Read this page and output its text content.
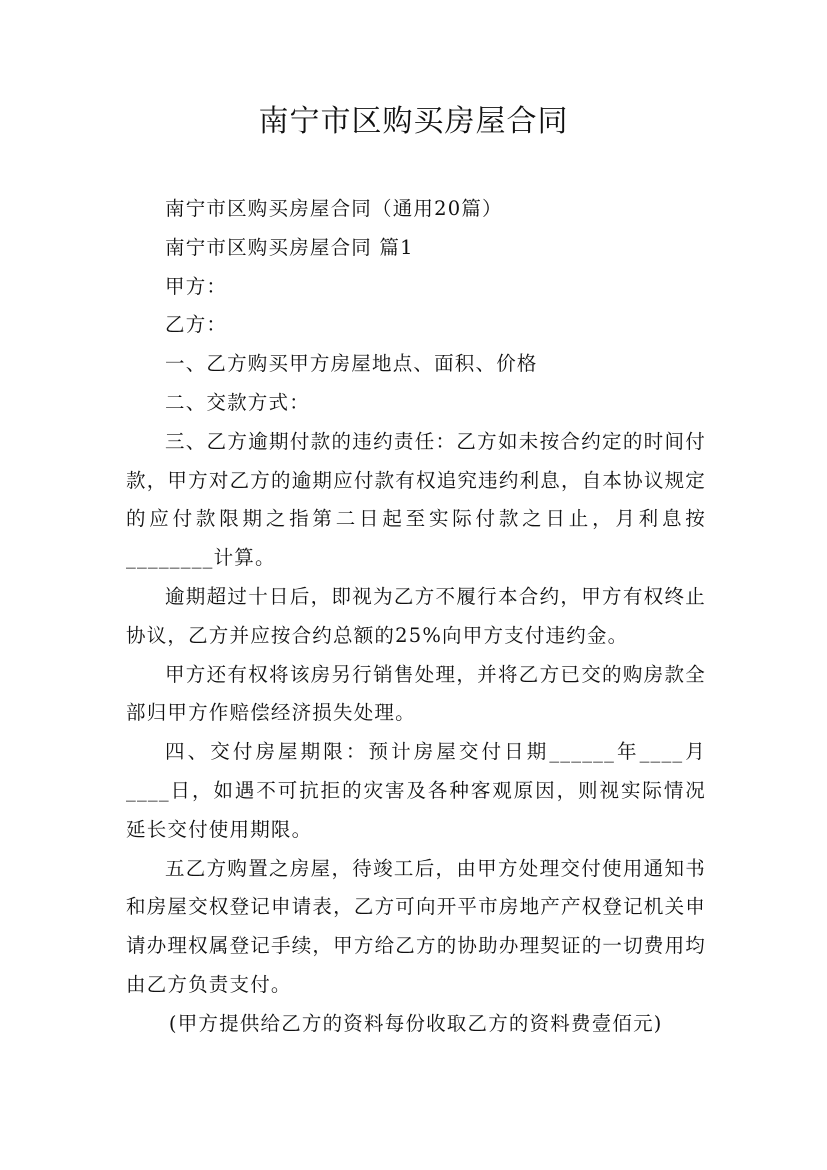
南宁市区购买房屋合同

南宁市区购买房屋合同（通用20篇）

南宁市区购买房屋合同 篇1

甲方：

乙方：

一、乙方购买甲方房屋地点、面积、价格

二、交款方式：

三、乙方逾期付款的违约责任：乙方如未按合约定的时间付款，甲方对乙方的逾期应付款有权追究违约利息，自本协议规定的应付款限期之指第二日起至实际付款之日止，月利息按________计算。

逾期超过十日后，即视为乙方不履行本合约，甲方有权终止协议，乙方并应按合约总额的25%向甲方支付违约金。

甲方还有权将该房另行销售处理，并将乙方已交的购房款全部归甲方作赔偿经济损失处理。

四、交付房屋期限：预计房屋交付日期______年____月____日，如遇不可抗拒的灾害及各种客观原因，则视实际情况延长交付使用期限。

五乙方购置之房屋，待竣工后，由甲方处理交付使用通知书和房屋交权登记申请表，乙方可向开平市房地产产权登记机关申请办理权属登记手续，甲方给乙方的协助办理契证的一切费用均由乙方负责支付。

(甲方提供给乙方的资料每份收取乙方的资料费壹佰元)
